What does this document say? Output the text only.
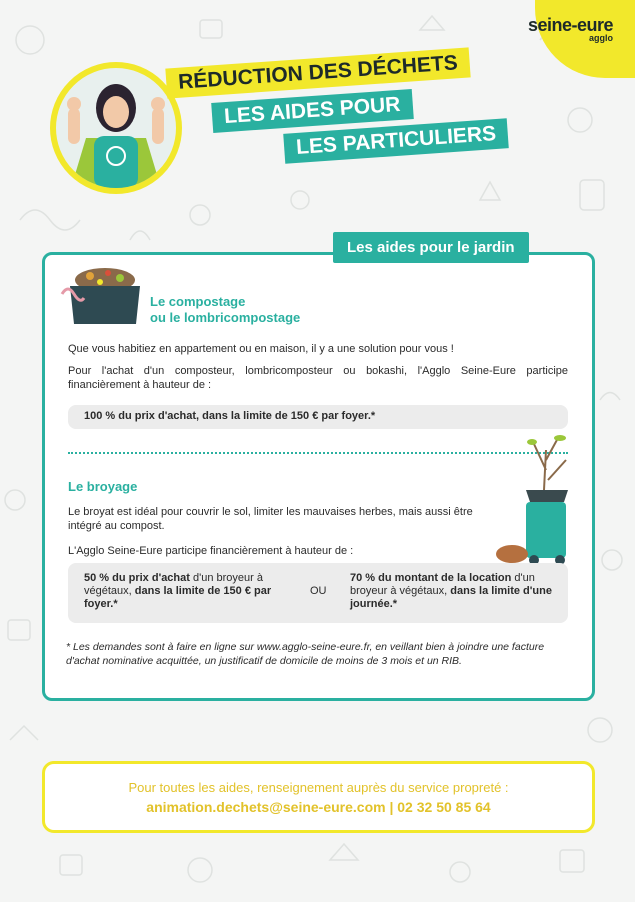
seine-eure
agglo
RÉDUCTION DES DÉCHETS
LES AIDES POUR
LES PARTICULIERS
Les aides pour le jardin
Le compostage
ou le lombricompostage
Que vous habitiez en appartement ou en maison, il y a une solution pour vous !
Pour l'achat d'un composteur, lombricomposteur ou bokashi, l'Agglo Seine-Eure participe financièrement à hauteur de :
100 % du prix d'achat, dans la limite de 150 € par foyer.*
Le broyage
Le broyat est idéal pour couvrir le sol, limiter les mauvaises herbes, mais aussi être intégré au compost.
L'Agglo Seine-Eure participe financièrement à hauteur de :
50 % du prix d'achat d'un broyeur à végétaux, dans la limite de 150 € par foyer.*
OU
70 % du montant de la location d'un broyeur à végétaux, dans la limite d'une journée.*
* Les demandes sont à faire en ligne sur www.agglo-seine-eure.fr, en veillant bien à joindre une facture d'achat nominative acquittée, un justificatif de domicile de moins de 3 mois et un RIB.
Pour toutes les aides, renseignement auprès du service propreté :
animation.dechets@seine-eure.com | 02 32 50 85 64
